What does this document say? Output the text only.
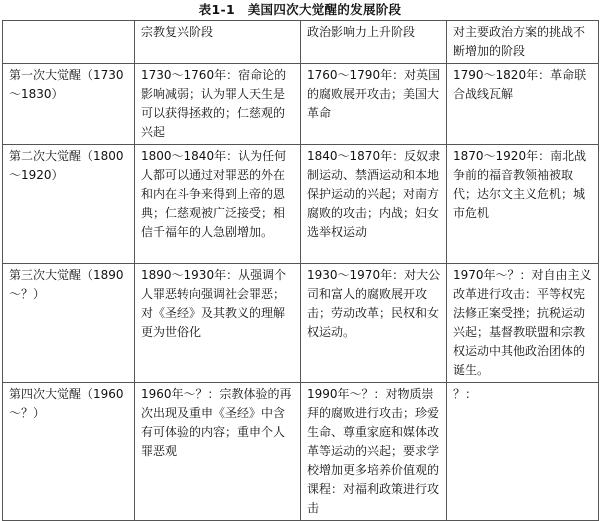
表1-1　美国四次大觉醒的发展阶段
	宗教复兴阶段	政治影响力上升阶段	对主要政治方案的挑战不断增加的阶段
第一次大觉醒（1730～1830）	1730～1760年：宿命论的影响减弱；认为罪人天生是可以获得拯救的；仁慈观的兴起	1760～1790年：对英国的腐败展开攻击；美国大革命	1790～1820年：革命联合战线瓦解
第二次大觉醒（1800～1920）	1800～1840年：认为任何人都可以通过对罪恶的外在和内在斗争来得到上帝的恩典；仁慈观被广泛接受；相信千福年的人急剧增加。	1840～1870年：反奴隶制运动、禁酒运动和本地保护运动的兴起；对南方腐败的攻击；内战；妇女选举权运动	1870～1920年：南北战争前的福音教领袖被取代；达尔文主义危机；城市危机
第三次大觉醒（1890～？）	1890～1930年：从强调个人罪恶转向强调社会罪恶；对《圣经》及其教义的理解更为世俗化	1930～1970年：对大公司和富人的腐败展开攻击；劳动改革；民权和女权运动。	1970年～？：对自由主义改革进行攻击：平等权宪法修正案受挫；抗税运动兴起；基督教联盟和宗教权运动中其他政治团体的诞生。
第四次大觉醒（1960～？）	1960年～？：宗教体验的再次出现及重申《圣经》中含有可体验的内容；重申个人罪恶观	1990年～？：对物质崇拜的腐败进行攻击；珍爱生命、尊重家庭和媒体改革等运动的兴起；要求学校增加更多培养价值观的课程：对福利政策进行攻击	？：
